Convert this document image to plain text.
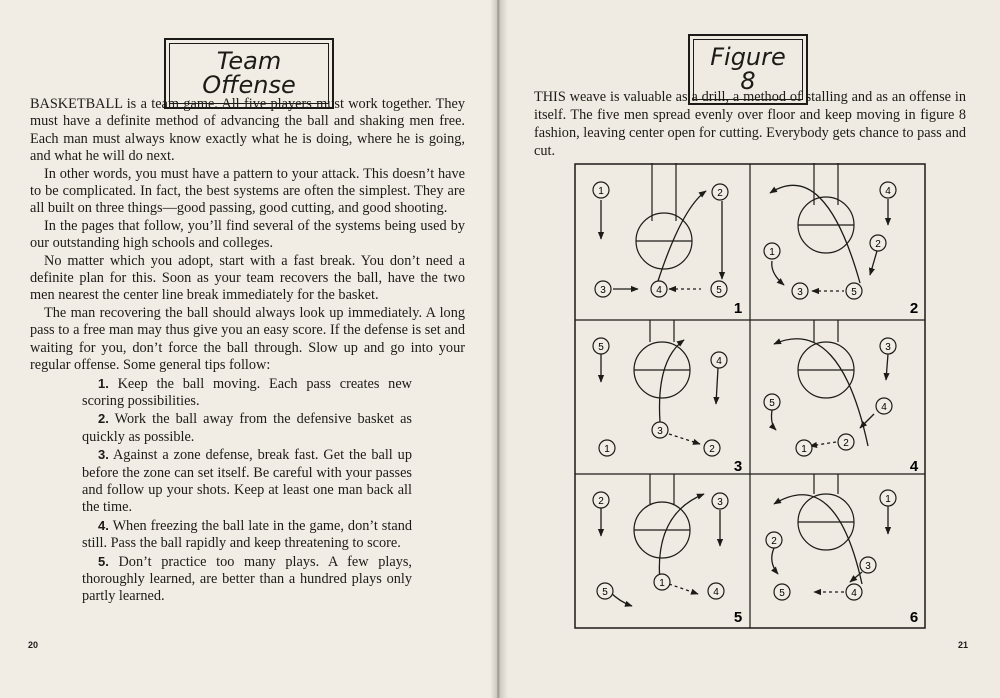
Team Offense

BASKETBALL is a team game. All five players must work together. They must have a definite method of advancing the ball and shaking men free. Each man must always know exactly what he is doing, where he is going, and what he will do next.

In other words, you must have a pattern to your attack. This doesn’t have to be complicated. In fact, the best systems are often the simplest. They are all built on three things—good passing, good cutting, and good shooting.

In the pages that follow, you’ll find several of the systems being used by our outstanding high schools and colleges.

No matter which you adopt, start with a fast break. You don’t need a definite plan for this. Soon as your team recovers the ball, have the two men nearest the center line break immediately for the basket.

The man recovering the ball should always look up immediately. A long pass to a free man may thus give you an easy score. If the defense is set and waiting for you, don’t force the ball through. Slow up and go into your regular offense. Some general tips follow:

1. Keep the ball moving. Each pass creates new scoring possibilities.

2. Work the ball away from the defensive basket as quickly as possible.

3. Against a zone defense, break fast. Get the ball up before the zone can set itself. Be careful with your passes and follow up your shots. Keep at least one man back all the time.

4. When freezing the ball late in the game, don’t stand still. Pass the ball rapidly and keep threatening to score.

5. Don’t practice too many plays. A few plays, thoroughly learned, are better than a hundred plays only partly learned.

20
Figure 8
THIS weave is valuable as a drill, a method of stalling and as an offense in itself. The five men spread evenly over floor and keep moving in figure 8 fashion, leaving center open for cutting. Everybody gets chance to pass and cut.
21
1	2
3	4	5
1
4
2
1
3	5
2
5
4
1
3
2
3
3
5	4
1
2
4
2	3
1
5	4
5
1
2
3
5	4
6
